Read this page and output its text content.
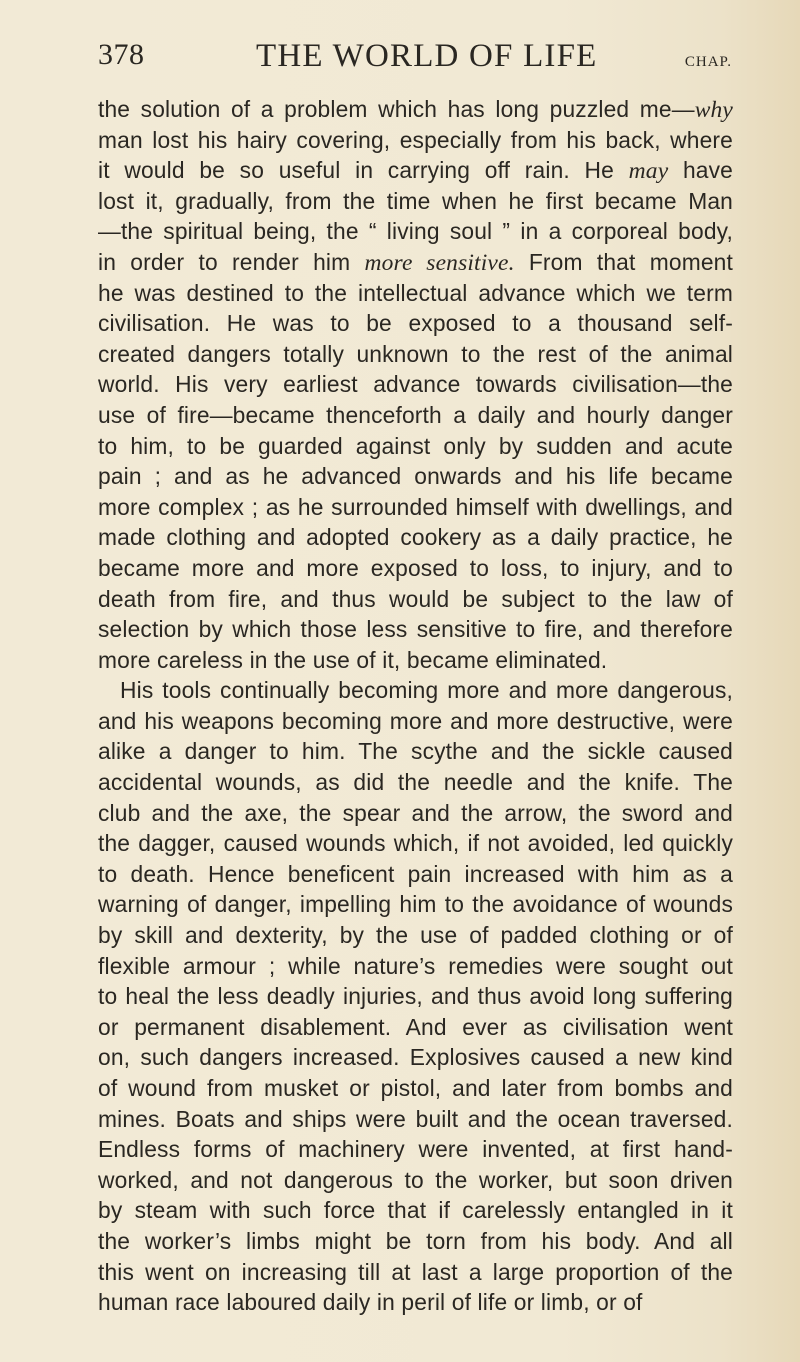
378	THE WORLD OF LIFE	CHAP.
the solution of a problem which has long puzzled me—why
man lost his hairy covering, especially from his back, where
it would be so useful in carrying off rain. He may have
lost it, gradually, from the time when he first became Man
—the spiritual being, the “ living soul ” in a corporeal body,
in order to render him more sensitive. From that moment
he was destined to the intellectual advance which we term
civilisation. He was to be exposed to a thousand self-
created dangers totally unknown to the rest of the animal
world. His very earliest advance towards civilisation—the
use of fire—became thenceforth a daily and hourly danger
to him, to be guarded against only by sudden and acute
pain ; and as he advanced onwards and his life became
more complex ; as he surrounded himself with dwellings, and
made clothing and adopted cookery as a daily practice, he
became more and more exposed to loss, to injury, and to
death from fire, and thus would be subject to the law of
selection by which those less sensitive to fire, and therefore
more careless in the use of it, became eliminated.
His tools continually becoming more and more dangerous,
and his weapons becoming more and more destructive, were
alike a danger to him. The scythe and the sickle caused
accidental wounds, as did the needle and the knife. The
club and the axe, the spear and the arrow, the sword and
the dagger, caused wounds which, if not avoided, led quickly
to death. Hence beneficent pain increased with him as a
warning of danger, impelling him to the avoidance of wounds
by skill and dexterity, by the use of padded clothing or of
flexible armour ; while nature’s remedies were sought out
to heal the less deadly injuries, and thus avoid long suffering
or permanent disablement. And ever as civilisation went
on, such dangers increased. Explosives caused a new kind
of wound from musket or pistol, and later from bombs and
mines. Boats and ships were built and the ocean traversed.
Endless forms of machinery were invented, at first hand-
worked, and not dangerous to the worker, but soon driven
by steam with such force that if carelessly entangled in it
the worker’s limbs might be torn from his body. And all
this went on increasing till at last a large proportion of the
human race laboured daily in peril of life or limb, or of
